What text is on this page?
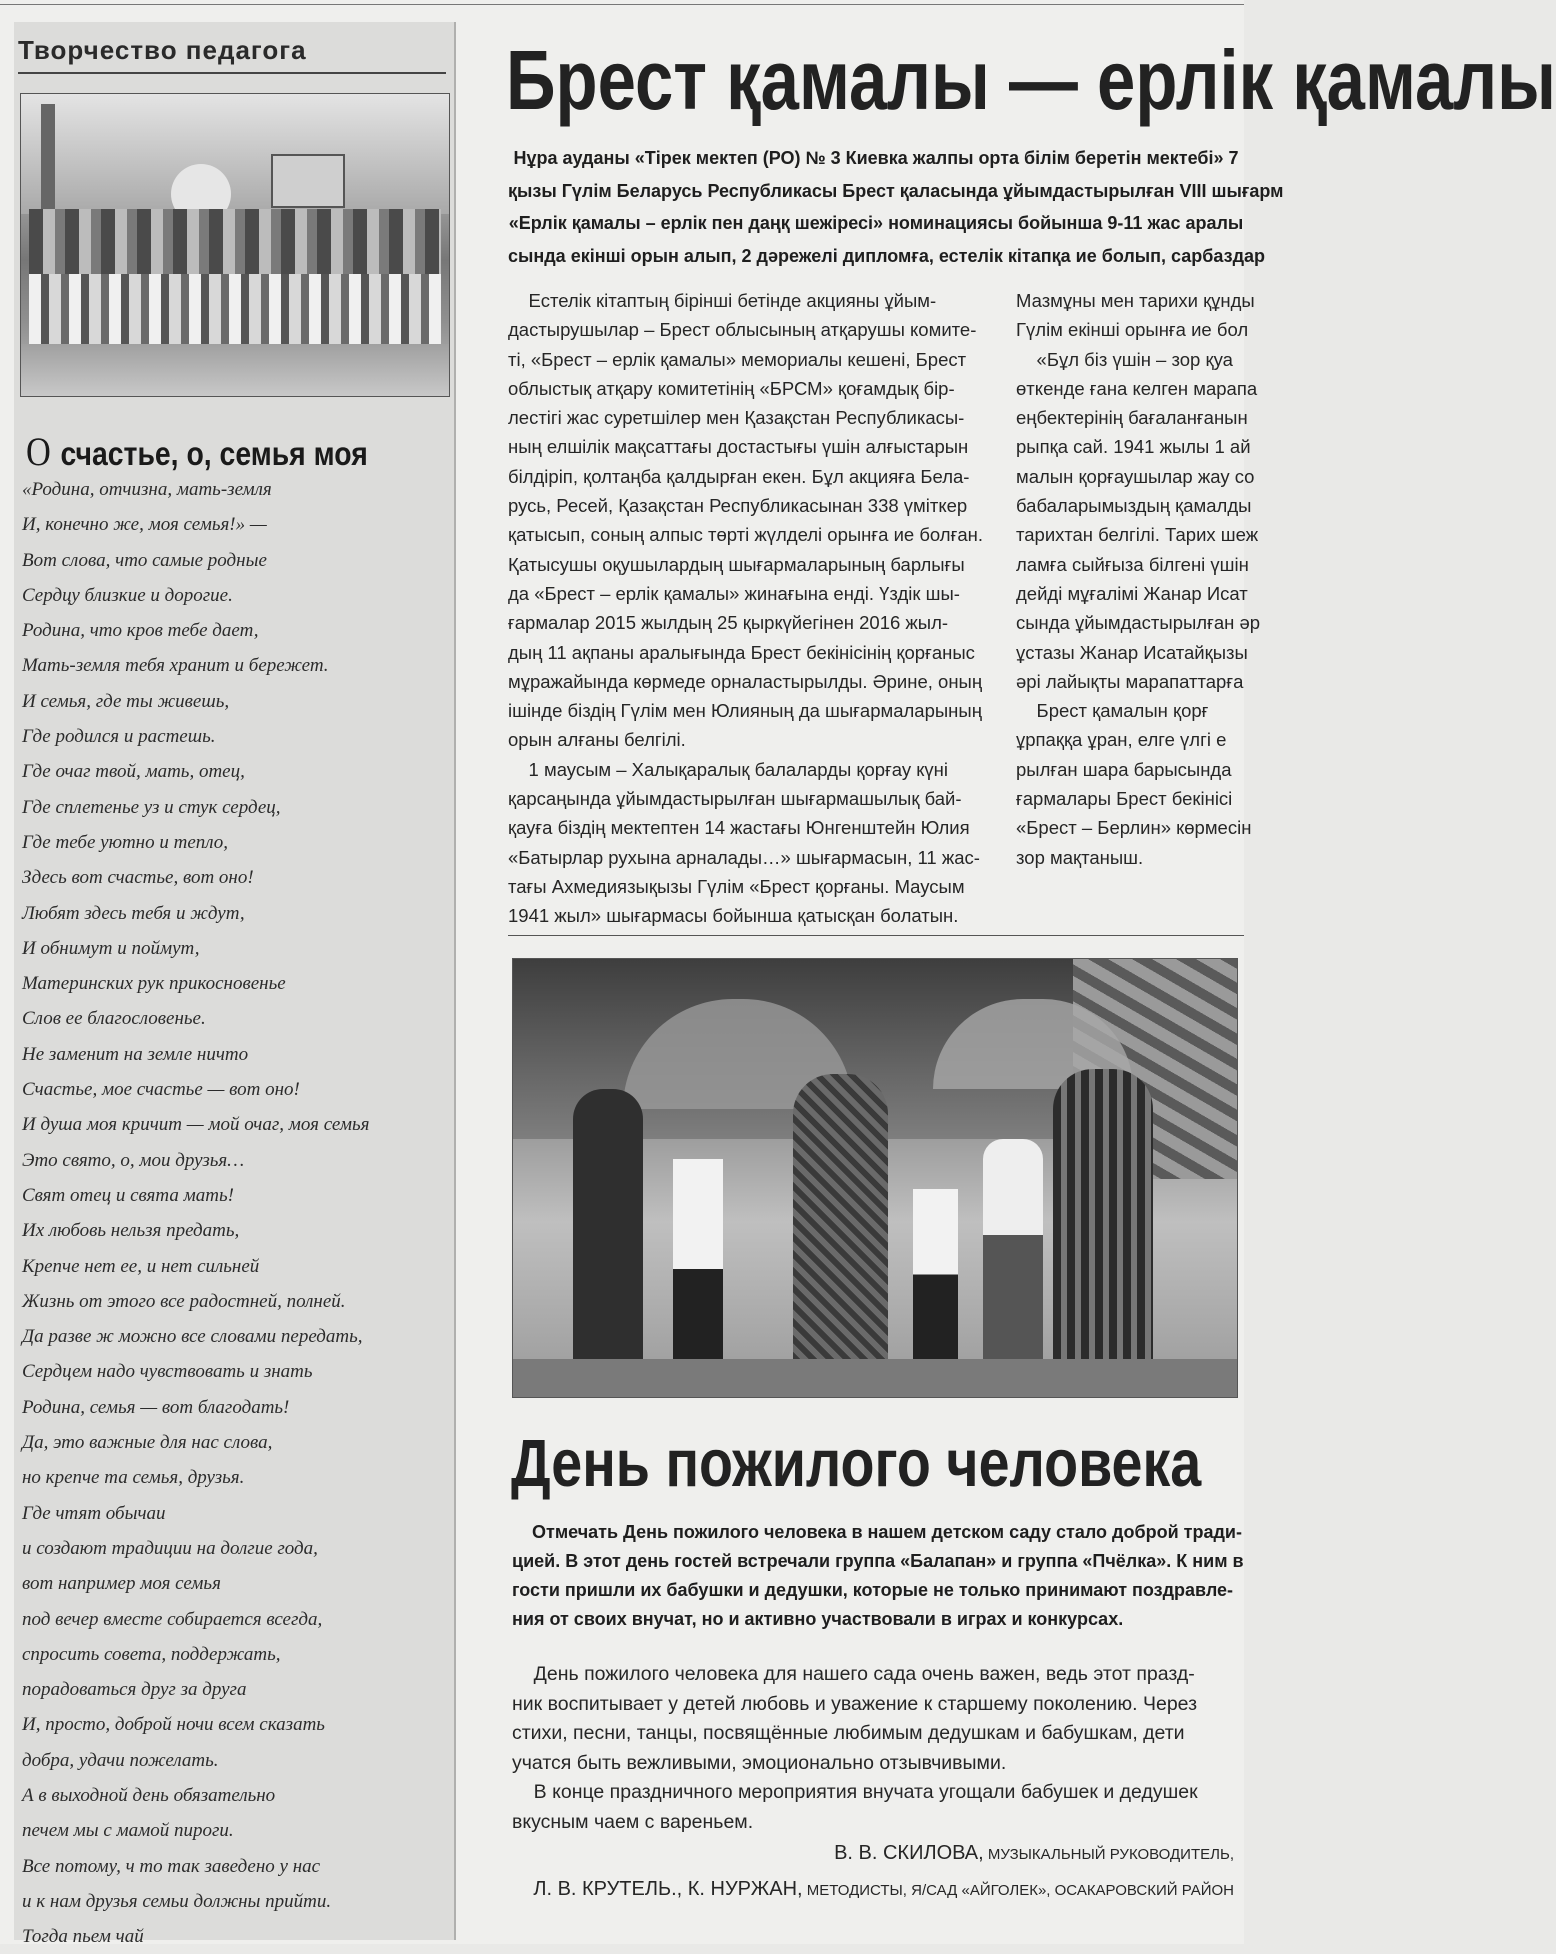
Творчество педагога
О счастье, о, семья моя
«Родина, отчизна, мать-земля
И, конечно же, моя семья!» —
Вот слова, что самые родные
Сердцу близкие и дорогие.
Родина, что кров тебе дает,
Мать-земля тебя хранит и бережет.
И семья, где ты живешь,
Где родился и растешь.
Где очаг твой, мать, отец,
Где сплетенье уз и стук сердец,
Где тебе уютно и тепло,
Здесь вот счастье, вот оно!
Любят здесь тебя и ждут,
И обнимут и поймут,
Материнских рук прикосновенье
Слов ее благословенье.
Не заменит на земле ничто
Счастье, мое счастье — вот оно!
И душа моя кричит — мой очаг, моя семья
Это свято, о, мои друзья…
Свят отец и свята мать!
Их любовь нельзя предать,
Крепче нет ее, и нет сильней
Жизнь от этого все радостней, полней.
Да разве ж можно все словами передать,
Сердцем надо чувствовать и знать
Родина, семья — вот благодать!
Да, это важные для нас слова,
но крепче та семья, друзья.
Где чтят обычаи
и создают традиции на долгие года,
вот например моя семья
под вечер вместе собирается всегда,
спросить совета, поддержать,
порадоваться друг за друга
И, просто, доброй ночи всем сказать
добра, удачи пожелать.
А в выходной день обязательно
печем мы с мамой пироги.
Все потому, ч то так заведено у нас
и к нам друзья семьи должны прийти.
Тогда пьем чай
Брест қамалы — ерлік қамалы
Нұра ауданы «Тірек мектеп (РО) № 3 Киевка жалпы орта білім беретін мектебі» 7
қызы Гүлім Беларусь Республикасы Брест қаласында ұйымдастырылған VIII шығарм
«Ерлік қамалы – ерлік пен даңқ шежіресі» номинациясы бойынша 9-11 жас аралы
сында екінші орын алып, 2 дәрежелі дипломға, естелік кітапқа ие болып, сарбаздар
Естелік кітаптың бірінші бетінде акцияны ұйым-
дастырушылар – Брест облысының атқарушы комите-
ті, «Брест – ерлік қамалы» мемориалы кешені, Брест
облыстық атқару комитетінің «БРСМ» қоғамдық бір-
лестігі жас суретшілер мен Қазақстан Республикасы-
ның елшілік мақсаттағы достастығы үшін алғыстарын
білдіріп, қолтаңба қалдырған екен. Бұл акцияға Бела-
русь, Ресей, Қазақстан Республикасынан 338 үміткер
қатысып, соның алпыс төрті жүлделі орынға ие болған.
Қатысушы оқушылардың шығармаларының барлығы
да «Брест – ерлік қамалы» жинағына енді. Үздік шы-
ғармалар 2015 жылдың 25 қыркүйегінен 2016 жыл-
дың 11 ақпаны аралығында Брест бекінісінің қорғаныс
мұражайында көрмеде орналастырылды. Әрине, оның
ішінде біздің Гүлім мен Юлияның да шығармаларының
орын алғаны белгілі.
1 маусым – Халықаралық балаларды қорғау күні
қарсаңында ұйымдастырылған шығармашылық бай-
қауға біздің мектептен 14 жастағы Юнгенштейн Юлия
«Батырлар рухына арналады…» шығармасын, 11 жас-
тағы Ахмедиязықызы Гүлім «Брест қорғаны. Маусым
1941 жыл» шығармасы бойынша қатысқан болатын.
Мазмұны мен тарихи құнды
Гүлім екінші орынға ие бол
«Бұл біз үшін – зор қуа
өткенде ғана келген марапа
еңбектерінің бағаланғанын
рыпқа сай. 1941 жылы 1 ай
малын қорғаушылар жау со
бабаларымыздың қамалды
тарихтан белгілі. Тарих шеж
ламға сыйғыза білгені үшін
дейді мұғалімі Жанар Исат
сында ұйымдастырылған әр
ұстазы Жанар Исатайқызы
әрі лайықты марапаттарға
Брест қамалын қорғ
ұрпаққа ұран, елге үлгі е
рылған шара барысында
ғармалары Брест бекінісі
«Брест – Берлин» көрмесін
зор мақтаныш.
День пожилого человека
Отмечать День пожилого человека в нашем детском саду стало доброй тради-
цией. В этот день гостей встречали группа «Балапан» и группа «Пчёлка». К ним в
гости пришли их бабушки и дедушки, которые не только принимают поздравле-
ния от своих внучат, но и активно участвовали в играх и конкурсах.
День пожилого человека для нашего сада очень важен, ведь этот празд-
ник воспитывает у детей любовь и уважение к старшему поколению. Через
стихи, песни, танцы, посвящённые любимым дедушкам и бабушкам, дети
учатся быть вежливыми, эмоционально отзывчивыми.
В конце праздничного мероприятия внучата угощали бабушек и дедушек
вкусным чаем с вареньем.
В. В. СКИЛОВА, МУЗЫКАЛЬНЫЙ РУКОВОДИТЕЛЬ,
Л. В. КРУТЕЛЬ., К. НУРЖАН, МЕТОДИСТЫ, Я/САД «АЙГОЛЕК», ОСАКАРОВСКИЙ РАЙОН
